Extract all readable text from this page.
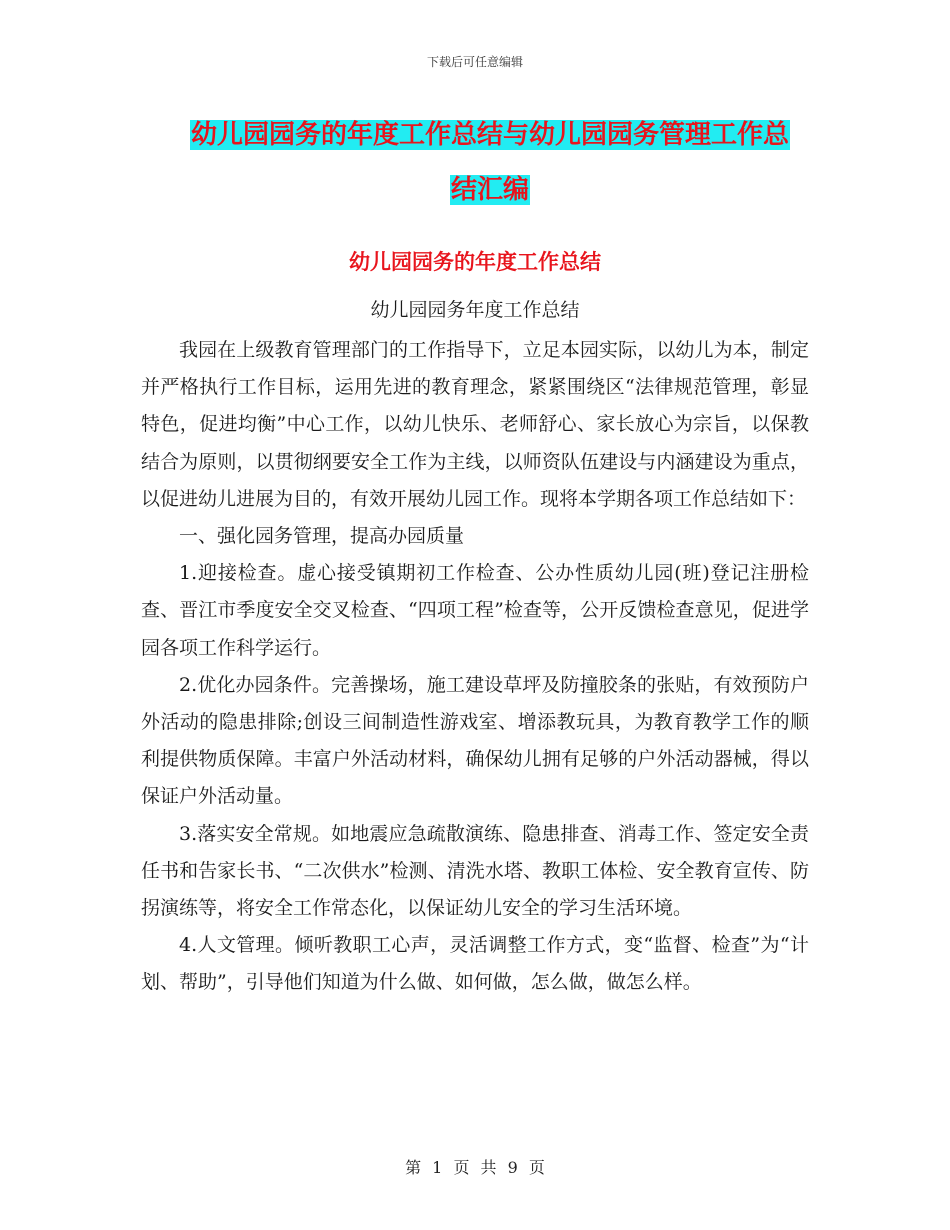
下载后可任意编辑
幼儿园园务的年度工作总结与幼儿园园务管理工作总
结汇编
幼儿园园务的年度工作总结
幼儿园园务年度工作总结

我园在上级教育管理部门的工作指导下，立足本园实际，以幼儿为本，制定并严格执行工作目标，运用先进的教育理念，紧紧围绕区“法律规范管理，彰显特色，促进均衡”中心工作，以幼儿快乐、老师舒心、家长放心为宗旨，以保教结合为原则，以贯彻纲要安全工作为主线，以师资队伍建设与内涵建设为重点，以促进幼儿进展为目的，有效开展幼儿园工作。现将本学期各项工作总结如下：

一、强化园务管理，提高办园质量

1.迎接检查。虚心接受镇期初工作检查、公办性质幼儿园(班)登记注册检查、晋江市季度安全交叉检查、“四项工程”检查等，公开反馈检查意见，促进学园各项工作科学运行。

2.优化办园条件。完善操场，施工建设草坪及防撞胶条的张贴，有效预防户外活动的隐患排除;创设三间制造性游戏室、增添教玩具，为教育教学工作的顺利提供物质保障。丰富户外活动材料，确保幼儿拥有足够的户外活动器械，得以保证户外活动量。

3.落实安全常规。如地震应急疏散演练、隐患排查、消毒工作、签定安全责任书和告家长书、“二次供水”检测、清洗水塔、教职工体检、安全教育宣传、防拐演练等，将安全工作常态化，以保证幼儿安全的学习生活环境。

4.人文管理。倾听教职工心声，灵活调整工作方式，变“监督、检查”为“计划、帮助”，引导他们知道为什么做、如何做，怎么做，做怎么样。

第 1 页 共 9 页
